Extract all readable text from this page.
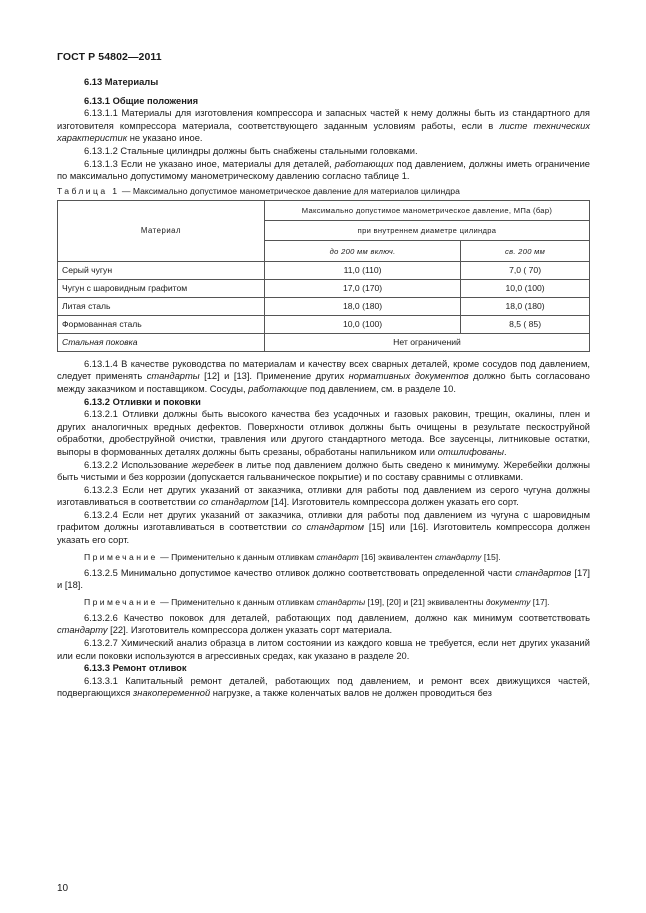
ГОСТ Р 54802—2011
6.13 Материалы
6.13.1 Общие положения

6.13.1.1 Материалы для изготовления компрессора и запасных частей к нему должны быть из стандартного для изготовителя компрессора материала, соответствующего заданным условиям работы, если в листе технических характеристик не указано иное.

6.13.1.2 Стальные цилиндры должны быть снабжены стальными головками.

6.13.1.3 Если не указано иное, материалы для деталей, работающих под давлением, должны иметь ограничение по максимально допустимому манометрическому давлению согласно таблице 1.

Таблица 1 — Максимально допустимое манометрическое давление для материалов цилиндра
Материал	Максимально допустимое манометрическое давление, МПа (бар)	
	при внутреннем диаметре цилиндра	
	до 200 мм включ.	св. 200 мм
Серый чугун	11,0 (110)	7,0 ( 70)
Чугун с шаровидным графитом	17,0 (170)	10,0 (100)
Литая сталь	18,0 (180)	18,0 (180)
Формованная сталь	10,0 (100)	8,5 ( 85)
Стальная поковка	Нет ограничений	

6.13.1.4 В качестве руководства по материалам и качеству всех сварных деталей, кроме сосудов под давлением, следует применять стандарты [12] и [13]. Применение других нормативных документов должно быть согласовано между заказчиком и поставщиком. Сосуды, работающие под давлением, см. в разделе 10.

6.13.2 Отливки и поковки

6.13.2.1 Отливки должны быть высокого качества без усадочных и газовых раковин, трещин, окалины, плен и других аналогичных вредных дефектов. Поверхности отливок должны быть очищены в результате пескоструйной обработки, дробеструйной очистки, травления или другого стандартного метода. Все заусенцы, литниковые остатки, выпоры в формованных деталях должны быть срезаны, обработаны напильником или отшлифованы.

6.13.2.2 Использование жеребеек в литье под давлением должно быть сведено к минимуму. Жеребейки должны быть чистыми и без коррозии (допускается гальваническое покрытие) и по составу сравнимы с отливками.

6.13.2.3 Если нет других указаний от заказчика, отливки для работы под давлением из серого чугуна должны изготавливаться в соответствии со стандартом [14]. Изготовитель компрессора должен указать его сорт.

6.13.2.4 Если нет других указаний от заказчика, отливки для работы под давлением из чугуна с шаровидным графитом должны изготавливаться в соответствии со стандартом [15] или [16]. Изготовитель компрессора должен указать его сорт.

Примечание — Применительно к данным отливкам стандарт [16] эквивалентен стандарту [15].

6.13.2.5 Минимально допустимое качество отливок должно соответствовать определенной части стандартов [17] и [18].

Примечание — Применительно к данным отливкам стандарты [19], [20] и [21] эквивалентны документу [17].

6.13.2.6 Качество поковок для деталей, работающих под давлением, должно как минимум соответствовать стандарту [22]. Изготовитель компрессора должен указать сорт материала.

6.13.2.7 Химический анализ образца в литом состоянии из каждого ковша не требуется, если нет других указаний или если поковки используются в агрессивных средах, как указано в разделе 20.

6.13.3 Ремонт отливок

6.13.3.1 Капитальный ремонт деталей, работающих под давлением, и ремонт всех движущихся частей, подвергающихся знакопеременной нагрузке, а также коленчатых валов не должен проводиться без

10
